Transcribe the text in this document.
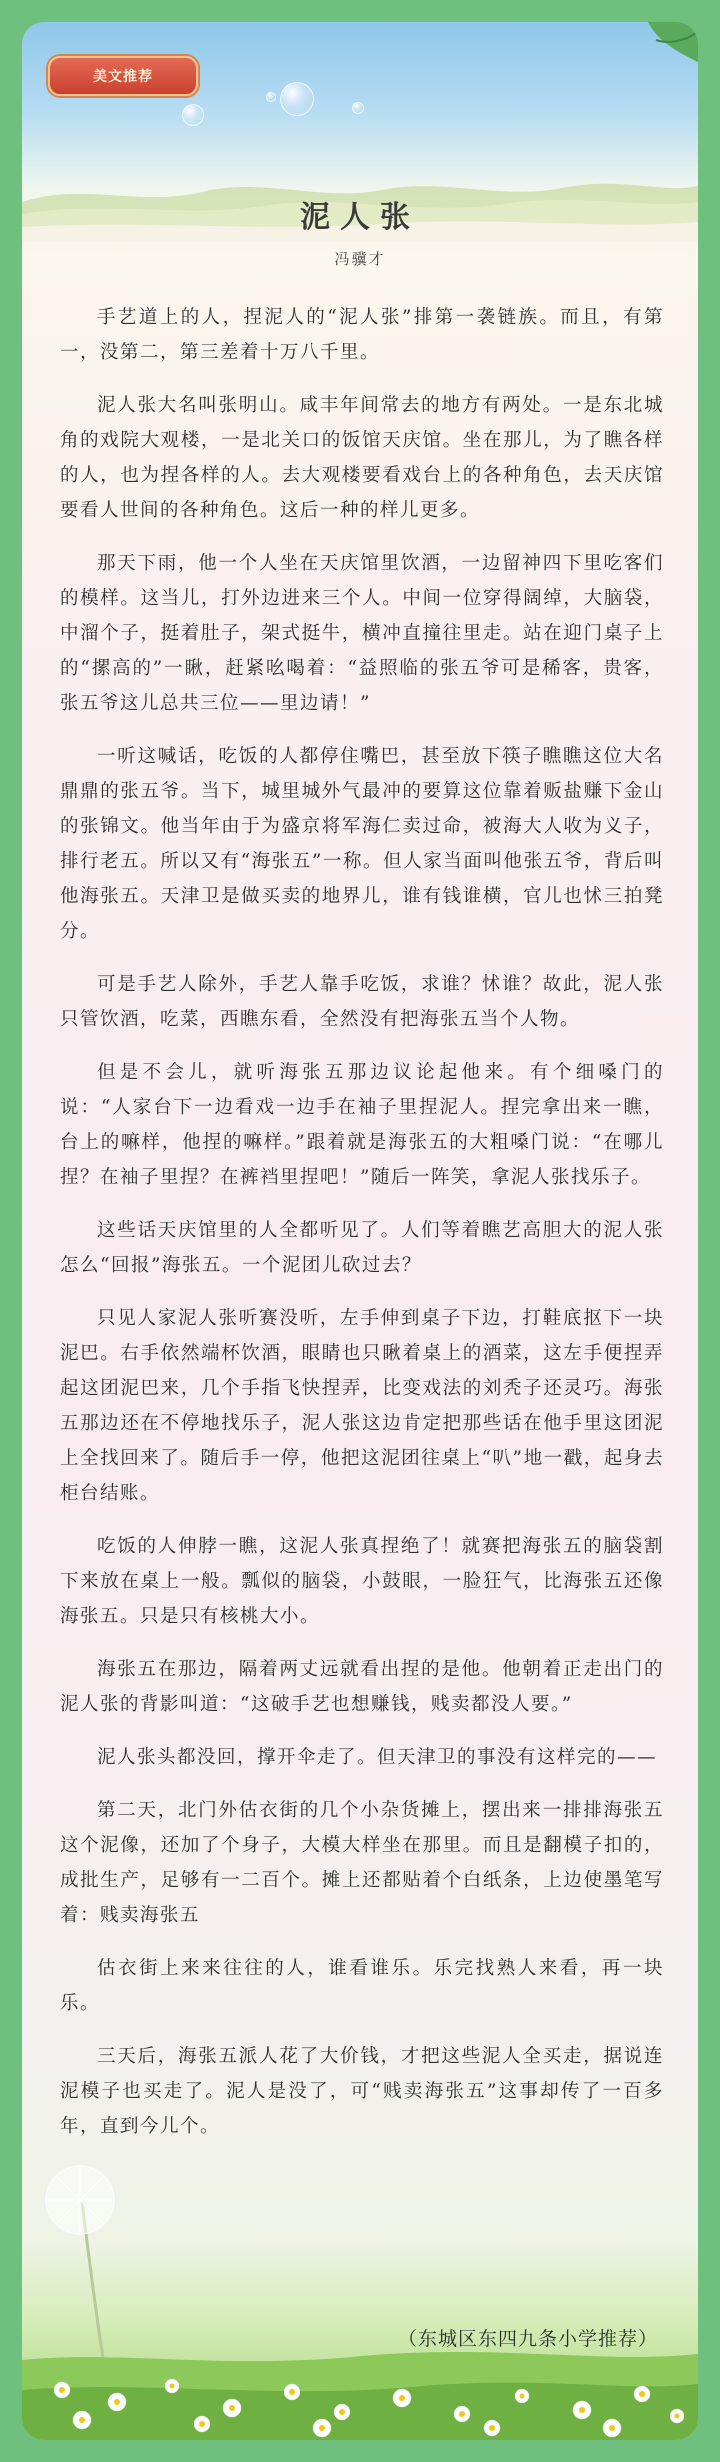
美文推荐
泥人张
冯骥才

手艺道上的人，捏泥人的“泥人张”排第一袭链族。而且，有第一，没第二，第三差着十万八千里。

泥人张大名叫张明山。咸丰年间常去的地方有两处。一是东北城角的戏院大观楼，一是北关口的饭馆天庆馆。坐在那儿，为了瞧各样的人，也为捏各样的人。去大观楼要看戏台上的各种角色，去天庆馆要看人世间的各种角色。这后一种的样儿更多。

那天下雨，他一个人坐在天庆馆里饮酒，一边留神四下里吃客们的模样。这当儿，打外边进来三个人。中间一位穿得阔绰，大脑袋，中溜个子，挺着肚子，架式挺牛，横冲直撞往里走。站在迎门桌子上的“摞高的”一瞅，赶紧吆喝着：“益照临的张五爷可是稀客，贵客，张五爷这儿总共三位——里边请！”

一听这喊话，吃饭的人都停住嘴巴，甚至放下筷子瞧瞧这位大名鼎鼎的张五爷。当下，城里城外气最冲的要算这位靠着贩盐赚下金山的张锦文。他当年由于为盛京将军海仁卖过命，被海大人收为义子，排行老五。所以又有“海张五”一称。但人家当面叫他张五爷，背后叫他海张五。天津卫是做买卖的地界儿，谁有钱谁横，官儿也怵三拍凳分。

可是手艺人除外，手艺人靠手吃饭，求谁？怵谁？故此，泥人张只管饮酒，吃菜，西瞧东看，全然没有把海张五当个人物。

但是不会儿，就听海张五那边议论起他来。有个细嗓门的说：“人家台下一边看戏一边手在袖子里捏泥人。捏完拿出来一瞧，台上的嘛样，他捏的嘛样。”跟着就是海张五的大粗嗓门说：“在哪儿捏？在袖子里捏？在裤裆里捏吧！”随后一阵笑，拿泥人张找乐子。

这些话天庆馆里的人全都听见了。人们等着瞧艺高胆大的泥人张怎么“回报”海张五。一个泥团儿砍过去？

只见人家泥人张听赛没听，左手伸到桌子下边，打鞋底抠下一块泥巴。右手依然端杯饮酒，眼睛也只瞅着桌上的酒菜，这左手便捏弄起这团泥巴来，几个手指飞快捏弄，比变戏法的刘秃子还灵巧。海张五那边还在不停地找乐子，泥人张这边肯定把那些话在他手里这团泥上全找回来了。随后手一停，他把这泥团往桌上“叭”地一戳，起身去柜台结账。

吃饭的人伸脖一瞧，这泥人张真捏绝了！就赛把海张五的脑袋割下来放在桌上一般。瓢似的脑袋，小鼓眼，一脸狂气，比海张五还像海张五。只是只有核桃大小。

海张五在那边，隔着两丈远就看出捏的是他。他朝着正走出门的泥人张的背影叫道：“这破手艺也想赚钱，贱卖都没人要。”

泥人张头都没回，撑开伞走了。但天津卫的事没有这样完的——

第二天，北门外估衣街的几个小杂货摊上，摆出来一排排海张五这个泥像，还加了个身子，大模大样坐在那里。而且是翻模子扣的，成批生产，足够有一二百个。摊上还都贴着个白纸条，上边使墨笔写着：贱卖海张五

估衣街上来来往往的人，谁看谁乐。乐完找熟人来看，再一块乐。

三天后，海张五派人花了大价钱，才把这些泥人全买走，据说连泥模子也买走了。泥人是没了，可“贱卖海张五”这事却传了一百多年，直到今儿个。

（东城区东四九条小学推荐）
